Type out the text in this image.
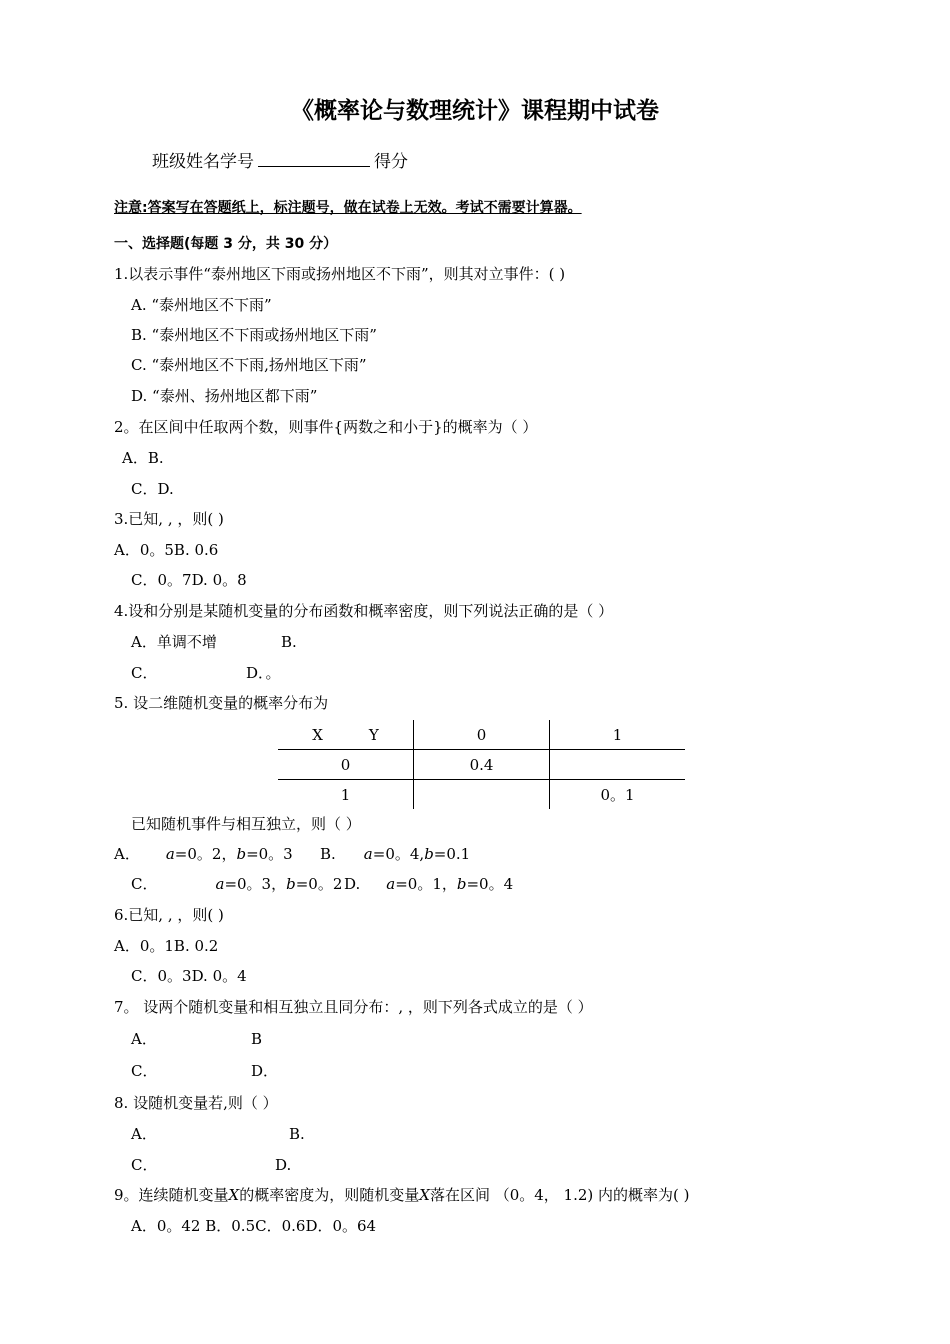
《概率论与数理统计》课程期中试卷
班级姓名学号	得分
注意:答案写在答题纸上，标注题号，做在试卷上无效。考试不需要计算器。
一、选择题(每题 3 分，共 30 分）
1.以表示事件“泰州地区下雨或扬州地区不下雨”，则其对立事件：( )
A. “泰州地区不下雨”
B. “泰州地区不下雨或扬州地区下雨”
C. “泰州地区不下雨,扬州地区下雨”
D. “泰州、扬州地区都下雨”
2。在区间中任取两个数，则事件{两数之和小于}的概率为（ ）
A．B.
C．D.
3.已知, , ，则( )
A．0。5B. 0.6
C．0。7D. 0。8
4.设和分别是某随机变量的分布函数和概率密度，则下列说法正确的是（ ）
A．单调不增	B.
C．	D．。
5. 设二维随机变量的概率分布为
X Y	0	1
0	0.4	
1		0。1
已知随机事件与相互独立，则（ ）
A． a=0。2，b=0。3 B. a=0。4,b=0.1
C．	a=0。3，b=0。2 D. a=0。1，b=0。4
6.已知, , ，则( )
A．0。1B. 0.2
C．0。3D. 0。4
7。 设两个随机变量和相互独立且同分布：, ，则下列各式成立的是（ ）
A．	B
C．	D．
8. 设随机变量若,则（ ）
A．	B.
C．	D.
9。连续随机变量X的概率密度为，则随机变量X落在区间 （0。4， 1.2) 内的概率为( )
A．0。42 B．0.5C．0.6D．0。64
